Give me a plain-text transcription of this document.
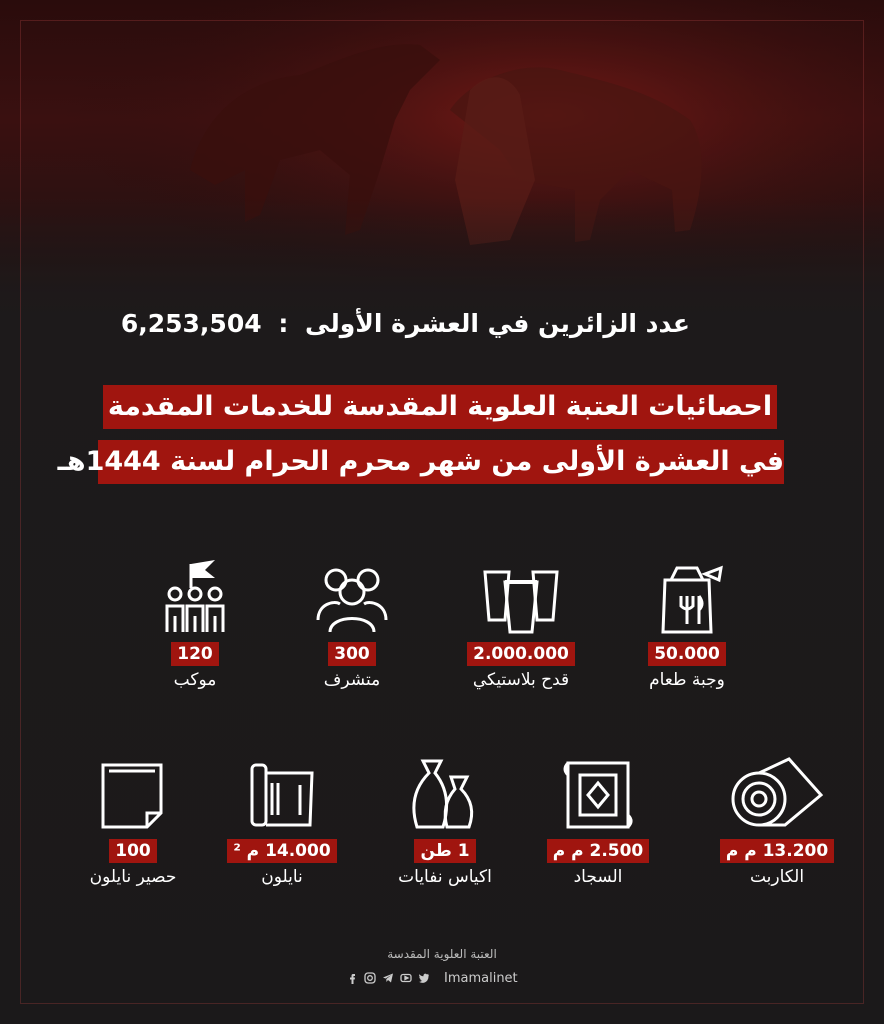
عدد الزائرين في العشرة الأولى : 6,253,504
احصائيات العتبة العلوية المقدسة للخدمات المقدمة
في العشرة الأولى من شهر محرم الحرام لسنة 1444هـ
50.000
وجبة طعام
2.000.000
قدح بلاستيكي
300
متشرف
120
موكب
13.200 م م
الكاربت
2.500 م م
السجاد
1 طن
اكياس نفايات
14.000 م ²
نايلون
100
حصير نايلون
العتبة العلوية المقدسة
Imamalinet
